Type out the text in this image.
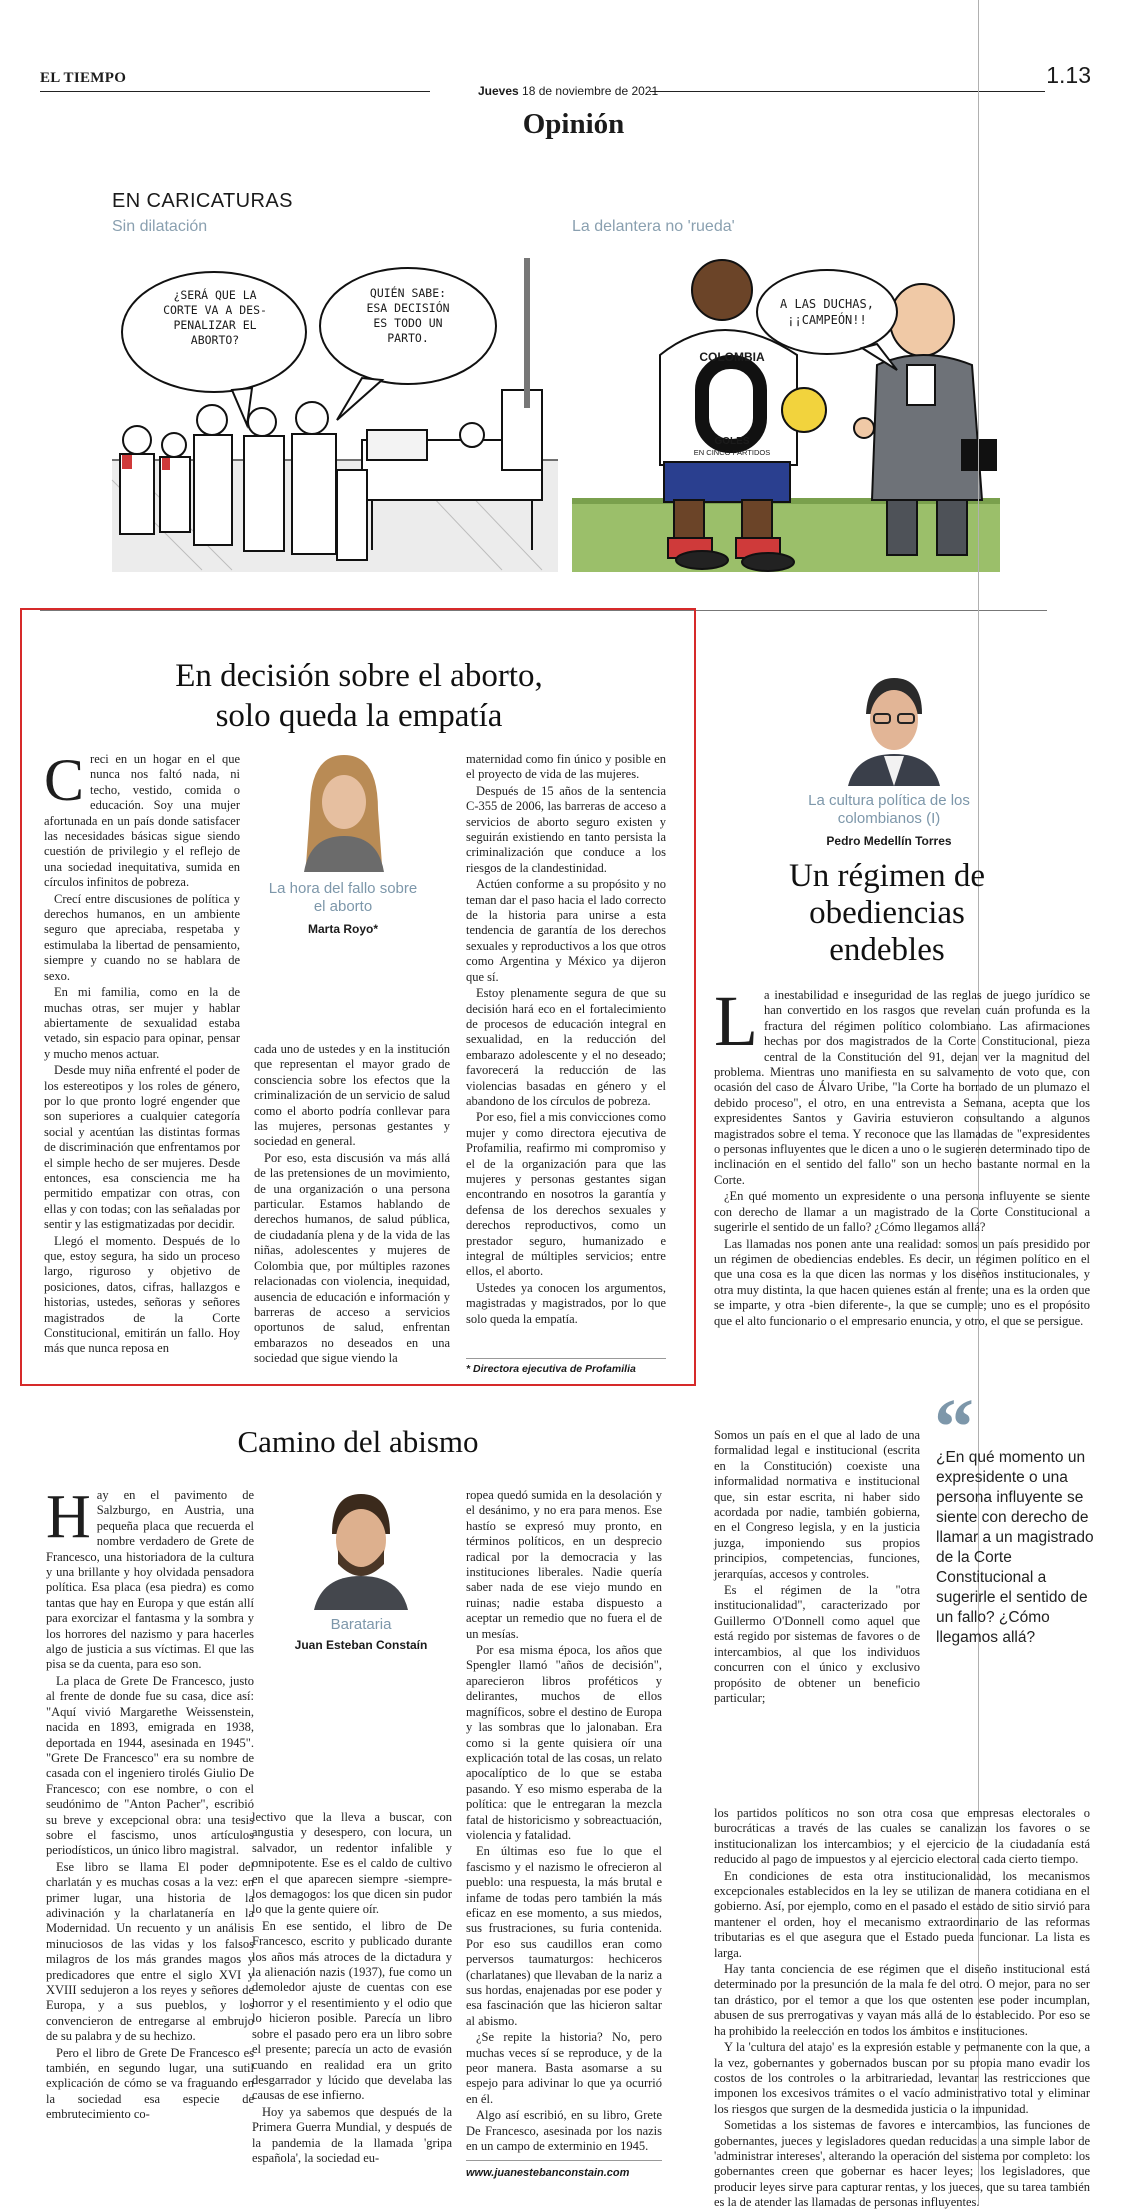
EL TIEMPO
Jueves 18 de noviembre de 2021
1.13
Opinión
EN CARICATURAS
Sin dilatación	La delantera no 'rueda'
¿SERÁ QUE LA
CORTE VA A DES-
PENALIZAR EL
ABORTO?
QUIÉN SABE:
ESA DECISIÓN
ES TODO UN
PARTO.
A LAS DUCHAS,
¡¡CAMPEÓN!!
COLOMBIA
GOLES
EN CINCO PARTIDOS
En decisión sobre el aborto,
solo queda la empatía

Creci en un hogar en el que nunca nos faltó nada, ni techo, vestido, comida o educación. Soy una mujer afortunada en un país donde satisfacer las necesidades básicas sigue siendo cuestión de privilegio y el reflejo de una sociedad inequitativa, sumida en círculos infinitos de pobreza.

Crecí entre discusiones de política y derechos humanos, en un ambiente seguro que apreciaba, respetaba y estimulaba la libertad de pensamiento, siempre y cuando no se hablara de sexo.

En mi familia, como en la de muchas otras, ser mujer y hablar abiertamente de sexualidad estaba vetado, sin espacio para opinar, pensar y mucho menos actuar.

Desde muy niña enfrenté el poder de los estereotipos y los roles de género, por lo que pronto logré engender que son superiores a cualquier categoría social y acentúan las distintas formas de discriminación que enfrentamos por el simple hecho de ser mujeres. Desde entonces, esa consciencia me ha permitido empatizar con otras, con ellas y con todas; con las señaladas por sentir y las estigmatizadas por decidir.

Llegó el momento. Después de lo que, estoy segura, ha sido un proceso largo, riguroso y objetivo de posiciones, datos, cifras, hallazgos e historias, ustedes, señoras y señores magistrados de la Corte Constitucional, emitirán un fallo. Hoy más que nunca reposa en

La hora del fallo sobre el aborto
Marta Royo*

cada uno de ustedes y en la institución que representan el mayor grado de consciencia sobre los efectos que la criminalización de un servicio de salud como el aborto podría conllevar para las mujeres, personas gestantes y sociedad en general.

Por eso, esta discusión va más allá de las pretensiones de un movimiento, de una organización o una persona particular. Estamos hablando de derechos humanos, de salud pública, de ciudadanía plena y de la vida de las niñas, adolescentes y mujeres de Colombia que, por múltiples razones relacionadas con violencia, inequidad, ausencia de educación e información y barreras de acceso a servicios oportunos de salud, enfrentan embarazos no deseados en una sociedad que sigue viendo la

maternidad como fin único y posible en el proyecto de vida de las mujeres.

Después de 15 años de la sentencia C-355 de 2006, las barreras de acceso a servicios de aborto seguro existen y seguirán existiendo en tanto persista la criminalización que conduce a los riesgos de la clandestinidad.

Actúen conforme a su propósito y no teman dar el paso hacia el lado correcto de la historia para unirse a esta tendencia de garantía de los derechos sexuales y reproductivos a los que otros como Argentina y México ya dijeron que sí.

Estoy plenamente segura de que su decisión hará eco en el fortalecimiento de procesos de educación integral en sexualidad, en la reducción del embarazo adolescente y el no deseado; favorecerá la reducción de las violencias basadas en género y el abandono de los círculos de pobreza.

Por eso, fiel a mis convicciones como mujer y como directora ejecutiva de Profamilia, reafirmo mi compromiso y el de la organización para que las mujeres y personas gestantes sigan encontrando en nosotros la garantía y defensa de los derechos sexuales y derechos reproductivos, como un prestador seguro, humanizado e integral de múltiples servicios; entre ellos, el aborto.

Ustedes ya conocen los argumentos, magistradas y magistrados, por lo que solo queda la empatía.

* Directora ejecutiva de Profamilia
La cultura política de los colombianos (I)
Pedro Medellín Torres
Un régimen de
obediencias
endebles

La inestabilidad e inseguridad de las reglas de juego jurídico se han convertido en los rasgos que revelan cuán profunda es la fractura del régimen político colombiano. Las afirmaciones hechas por dos magistrados de la Corte Constitucional, pieza central de la Constitución del 91, dejan ver la magnitud del problema. Mientras uno manifiesta en su salvamento de voto que, con ocasión del caso de Álvaro Uribe, "la Corte ha borrado de un plumazo el debido proceso", el otro, en una entrevista a Semana, acepta que los expresidentes Santos y Gaviria estuvieron consultando a algunos magistrados sobre el tema. Y reconoce que las llamadas de "expresidentes o personas influyentes que le dicen a uno o le sugieren determinado tipo de inclinación en el sentido del fallo" son un hecho bastante normal en la Corte.

¿En qué momento un expresidente o una persona influyente se siente con derecho de llamar a un magistrado de la Corte Constitucional a sugerirle el sentido de un fallo? ¿Cómo llegamos allá?

Las llamadas nos ponen ante una realidad: somos un país presidido por un régimen de obediencias endebles. Es decir, un régimen político en el que una cosa es la que dicen las normas y los diseños institucionales, y otra muy distinta, la que hacen quienes están al frente; una es la orden que se imparte, y otra -bien diferente-, la que se cumple; uno es el propósito que el alto funcionario o el empresario enuncia, y otro, el que se persigue.

Somos un país en el que al lado de una formalidad legal e institucional (escrita en la Constitución) coexiste una informalidad normativa e institucional que, sin estar escrita, ni haber sido acordada por nadie, también gobierna, en el Congreso legisla, y en la justicia juzga, imponiendo sus propios principios, competencias, funciones, jerarquías, accesos y controles.

Es el régimen de la "otra institucionalidad", caracterizado por Guillermo O'Donnell como aquel que está regido por sistemas de favores o de intercambios, al que los individuos concurren con el único y exclusivo propósito de obtener un beneficio particular;

“
¿En qué momento un expresidente o una persona influyente se siente con derecho de llamar a un magistrado de la Corte Constitucional a sugerirle el sentido de un fallo? ¿Cómo llegamos allá?

los partidos políticos no son otra cosa que empresas electorales o burocráticas a través de las cuales se canalizan los favores o se institucionalizan los intercambios; y el ejercicio de la ciudadanía está reducido al pago de impuestos y al ejercicio electoral cada cierto tiempo.

En condiciones de esta otra institucionalidad, los mecanismos excepcionales establecidos en la ley se utilizan de manera cotidiana en el gobierno. Así, por ejemplo, como en el pasado el estado de sitio sirvió para mantener el orden, hoy el mecanismo extraordinario de las reformas tributarias es el que asegura que el Estado pueda funcionar. La lista es larga.

Hay tanta conciencia de ese régimen que el diseño institucional está determinado por la presunción de la mala fe del otro. O mejor, para no ser tan drástico, por el temor a que los que ostenten ese poder incumplan, abusen de sus prerrogativas y vayan más allá de lo establecido. Por eso se ha prohibido la reelección en todos los ámbitos e instituciones.

Y la 'cultura del atajo' es la expresión estable y permanente con la que, a la vez, gobernantes y gobernados buscan por su propia mano evadir los costos de los controles o la arbitrariedad, levantar las restricciones que imponen los excesivos trámites o el vacío administrativo total y eliminar los riesgos que surgen de la desmedida justicia o la impunidad.

Sometidas a los sistemas de favores e intercambios, las funciones de gobernantes, jueces y legisladores quedan reducidas a una simple labor de 'administrar intereses', alterando la operación del sistema por completo: los gobernantes creen que gobernar es hacer leyes; los legisladores, que producir leyes sirve para capturar rentas, y los jueces, que su tarea también es la de atender las llamadas de personas influyentes.

Camino del abismo

Hay en el pavimento de Salzburgo, en Austria, una pequeña placa que recuerda el nombre verdadero de Grete de Francesco, una historiadora de la cultura y una brillante y hoy olvidada pensadora política. Esa placa (esa piedra) es como tantas que hay en Europa y que están allí para exorcizar el fantasma y la sombra y los horrores del nazismo y para hacerles algo de justicia a sus víctimas. El que las pisa se da cuenta, para eso son.

La placa de Grete De Francesco, justo al frente de donde fue su casa, dice así: "Aquí vivió Margarethe Weissenstein, nacida en 1893, emigrada en 1938, deportada en 1944, asesinada en 1945". "Grete De Francesco" era su nombre de casada con el ingeniero tirolés Giulio De Francesco; con ese nombre, o con el seudónimo de "Anton Pacher", escribió su breve y excepcional obra: una tesis sobre el fascismo, unos artículos periodísticos, un único libro magistral.

Ese libro se llama El poder del charlatán y es muchas cosas a la vez: en primer lugar, una historia de la adivinación y la charlatanería en la Modernidad. Un recuento y un análisis minuciosos de las vidas y los falsos milagros de los más grandes magos y predicadores que entre el siglo XVI y XVIII sedujeron a los reyes y señores de Europa, y a sus pueblos, y los convencieron de entregarse al embrujo de su palabra y de su hechizo.

Pero el libro de Grete De Francesco es también, en segundo lugar, una sutil explicación de cómo se va fraguando en la sociedad esa especie de embrutecimiento co-

Barataria
Juan Esteban Constaín

lectivo que la lleva a buscar, con angustia y desespero, con locura, un salvador, un redentor infalible y omnipotente. Ese es el caldo de cultivo en el que aparecen siempre -siempre- los demagogos: los que dicen sin pudor lo que la gente quiere oír.

En ese sentido, el libro de De Francesco, escrito y publicado durante los años más atroces de la dictadura y la alienación nazis (1937), fue como un demoledor ajuste de cuentas con ese horror y el resentimiento y el odio que lo hicieron posible. Parecía un libro sobre el pasado pero era un libro sobre el presente; parecía un acto de evasión cuando en realidad era un grito desgarrador y lúcido que develaba las causas de ese infierno.

Hoy ya sabemos que después de la Primera Guerra Mundial, y después de la pandemia de la llamada 'gripa española', la sociedad eu-

ropea quedó sumida en la desolación y el desánimo, y no era para menos. Ese hastío se expresó muy pronto, en términos políticos, en un desprecio radical por la democracia y las instituciones liberales. Nadie quería saber nada de ese viejo mundo en ruinas; nadie estaba dispuesto a aceptar un remedio que no fuera el de un mesías.

Por esa misma época, los años que Spengler llamó "años de decisión", aparecieron libros proféticos y delirantes, muchos de ellos magníficos, sobre el destino de Europa y las sombras que lo jalonaban. Era como si la gente quisiera oír una explicación total de las cosas, un relato apocalíptico de lo que se estaba pasando. Y eso mismo esperaba de la política: que le entregaran la mezcla fatal de historicismo y sobreactuación, violencia y fatalidad.

En últimas eso fue lo que el fascismo y el nazismo le ofrecieron al pueblo: una respuesta, la más brutal e infame de todas pero también la más eficaz en ese momento, a sus miedos, sus frustraciones, su furia contenida. Por eso sus caudillos eran como perversos taumaturgos: hechiceros (charlatanes) que llevaban de la nariz a sus hordas, enajenadas por ese poder y esa fascinación que las hicieron saltar al abismo.

¿Se repite la historia? No, pero muchas veces sí se reproduce, y de la peor manera. Basta asomarse a su espejo para adivinar lo que ya ocurrió en él.

Algo así escribió, en su libro, Grete De Francesco, asesinada por los nazis en un campo de exterminio en 1945.

www.juanestebanconstain.com
